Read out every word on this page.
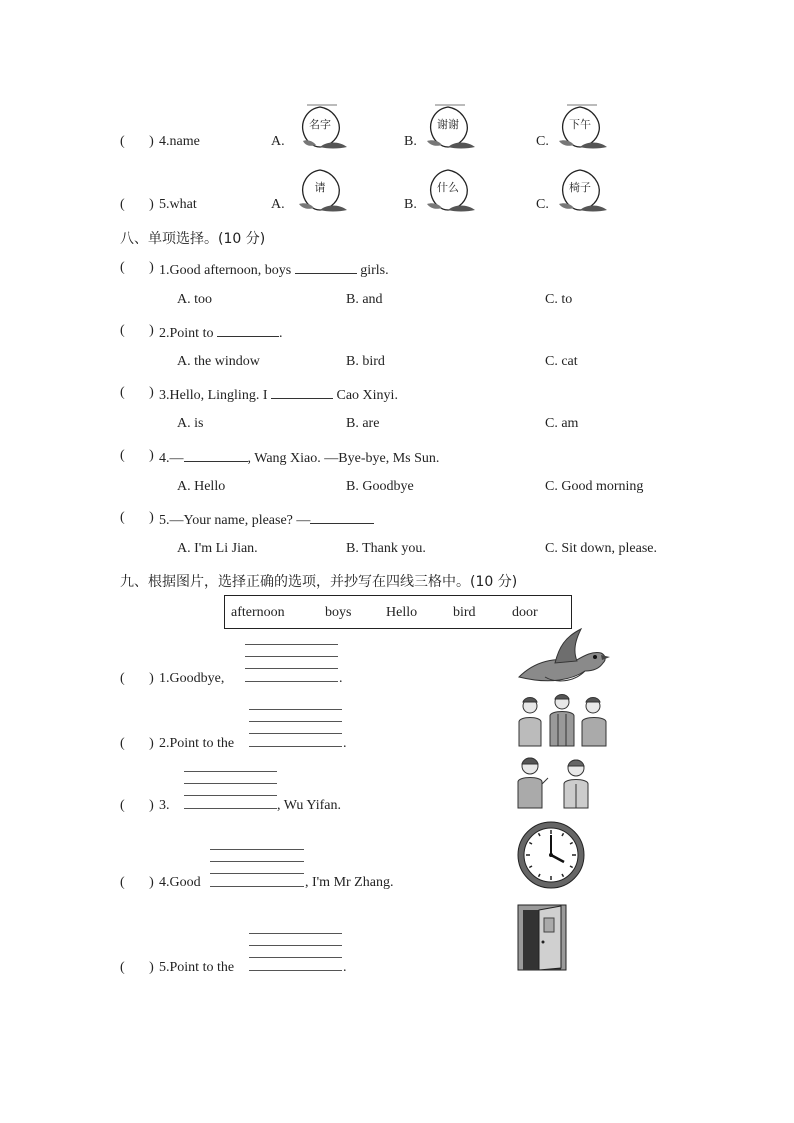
(       ) 4.name	A.	B.	C.
名字	谢谢	下午
(       ) 5.what	A.	B.	C.
请	什么	椅子
八、单项选择。(10 分)
(       ) 1.Good afternoon, boys	girls.
A. too	B. and	C. to
(       ) 2.Point to	.
A. the window	B. bird	C. cat
(       ) 3.Hello, Lingling. I	Cao Xinyi.
A. is	B. are	C. am
(       ) 4.—	, Wang Xiao. —Bye‑bye, Ms Sun.
A. Hello	B. Goodbye	C. Good morning
(       ) 5.—Your name, please? —
A. I'm Li Jian.	B. Thank you.	C. Sit down, please.
九、根据图片，选择正确的选项，并抄写在四线三格中。(10 分)
afternoon	boys Hello	bird	door
(       ) 1.Goodbye,	.
(       ) 2.Point to the	.
(       ) 3.	, Wu Yifan.
(       ) 4.Good	, I'm Mr Zhang.
(       ) 5.Point to the	.
